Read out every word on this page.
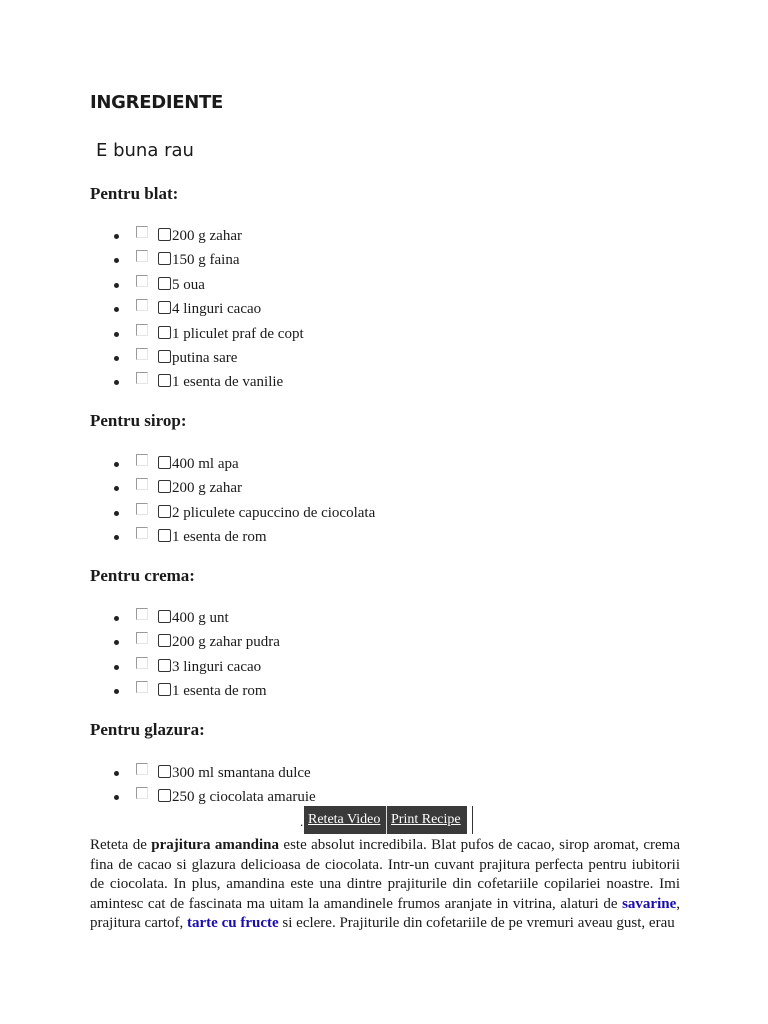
INGREDIENTE
E buna rau
Pentru blat:
200 g zahar
150 g faina
5 oua
4 linguri cacao
1 pliculet praf de copt
putina sare
1 esenta de vanilie
Pentru sirop:
400 ml apa
200 g zahar
2 pliculete capuccino de ciocolata
1 esenta de rom
Pentru crema:
400 g unt
200 g zahar pudra
3 linguri cacao
1 esenta de rom
Pentru glazura:
300 ml smantana dulce
250 g ciocolata amaruie
. Reteta Video Print Recipe

Reteta de prajitura amandina este absolut incredibila. Blat pufos de cacao, sirop aromat, crema fina de cacao si glazura delicioasa de ciocolata. Intr-un cuvant prajitura perfecta pentru iubitorii de ciocolata. In plus, amandina este una dintre prajiturile din cofetariile copilariei noastre. Imi amintesc cat de fascinata ma uitam la amandinele frumos aranjate in vitrina, alaturi de savarine, prajitura cartof, tarte cu fructe si eclere. Prajiturile din cofetariile de pe vremuri aveau gust, erau
